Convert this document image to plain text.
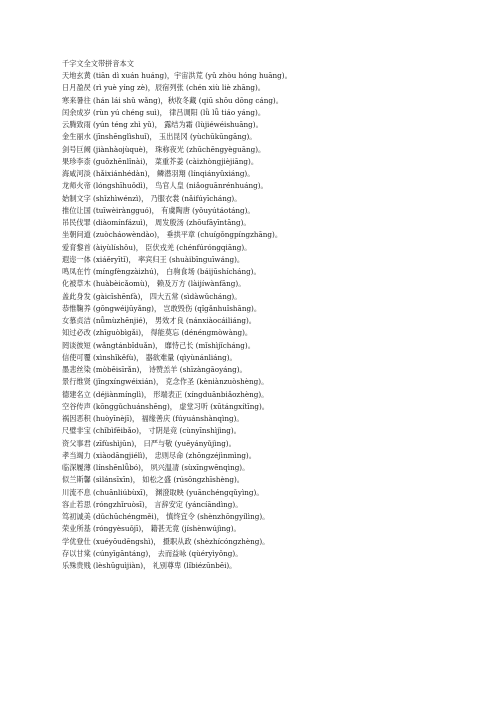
千字文全文带拼音本文
天地玄黄 (tiān dì xuán huáng)，宇宙洪荒 (yǔ zhòu hóng huāng)。
日月盈昃 (rì yuè yíng zè)，辰宿列张 (chén xiù liè zhāng)。
寒来暑往 (hán lái shǔ wǎng)，秋收冬藏 (qiū shōu dōng cáng)。
闰余成岁 (rùn yú chéng suì)， 律吕调阳 (lǜ lǚ tiáo yáng)。
云腾致雨 (yún téng zhì yǔ)， 露结为霜 (lùjiéwéishuāng)。
金生丽水 (jīnshēnglìshuǐ)， 玉出昆冈 (yùchūkūngāng)。
剑号巨阙 (jiànhàojùquè)， 珠称夜光 (zhūchēngyèguāng)。
果珍李柰 (guǒzhēnlǐnài)， 菜重芥姜 (càizhòngjièjiāng)。
海咸河淡 (hǎixiánhédàn)， 鳞潜羽翔 (línqiányǔxiáng)。
龙师火帝 (lóngshīhuǒdì)， 鸟官人皇 (niǎoguānrénhuáng)。
始制文字 (shǐzhìwénzì)， 乃服衣裳 (nǎifúyīcháng)。
推位让国 (tuīwèiràngguó)， 有虞陶唐 (yǒuyútáotáng)。
吊民伐罪 (diàomínfázuì)， 周发殷汤 (zhōufāyīntāng)。
坐朝问道 (zuòcháowèndào)， 垂拱平章 (chuígǒngpíngzhāng)。
爱育黎首 (àiyùlíshǒu)， 臣伏戎羌 (chénfúróngqiāng)。
遐迩一体 (xiáěryītǐ)， 率宾归王 (shuàibīnguīwáng)。
鸣凤在竹 (míngfèngzàizhú)， 白驹食场 (báijūshícháng)。
化被草木 (huàbèicǎomù)， 赖及万方 (làijíwànfāng)。
盖此身发 (gàicǐshēnfà)， 四大五常 (sìdàwǔcháng)。
恭惟鞠养 (gōngwéijūyǎng)， 岂敢毁伤 (qǐgǎnhuǐshāng)。
女慕贞洁 (nǚmùzhēnjié)， 男效才良 (nánxiàocáiliáng)。
知过必改 (zhīguòbìgǎi)， 得能莫忘 (dénéngmòwàng)。
罔谈彼短 (wǎngtánbǐduǎn)， 靡恃己长 (mǐshìjǐcháng)。
信使可覆 (xìnshǐkěfù)， 器欲难量 (qìyùnánliáng)。
墨悲丝染 (mòbēisīrǎn)， 诗赞羔羊 (shīzàngāoyáng)。
景行维贤 (jǐngxíngwéixián)， 克念作圣 (kèniànzuòshèng)。
德建名立 (déjiànmínglì)， 形端表正 (xíngduānbiǎozhèng)。
空谷传声 (kōnggǔchuánshēng)， 虚堂习听 (xūtángxítīng)。
祸因恶积 (huòyīnèjī)， 福缘善庆 (fúyuánshànqìng)。
尺璧非宝 (chǐbìfēibǎo)， 寸阴是竞 (cùnyīnshìjìng)。
资父事君 (zīfùshìjūn)， 曰严与敬 (yuēyányǔjìng)。
孝当竭力 (xiàodāngjiélì)， 忠则尽命 (zhōngzéjìnmìng)。
临深履薄 (línshēnlǚbó)， 夙兴温凊 (sùxīngwēnqìng)。
似兰斯馨 (sìlánsīxīn)， 如松之盛 (rúsōngzhīshèng)。
川流不息 (chuānliúbùxī)， 渊澄取映 (yuānchéngqǔyìng)。
容止若思 (róngzhǐruòsī)， 言辞安定 (yáncíāndìng)。
笃初诚美 (dǔchūchéngměi)， 慎终宜令 (shènzhōngyílìng)。
荣业所基 (róngyèsuǒjī)， 籍甚无竟 (jíshènwújìng)。
学优登仕 (xuéyōudēngshì)， 摄职从政 (shèzhícóngzhèng)。
存以甘棠 (cúnyǐgāntáng)， 去而益咏 (qùéryìyǒng)。
乐殊贵贱 (lèshūguìjiàn)， 礼别尊卑 (lǐbiézūnbēi)。
